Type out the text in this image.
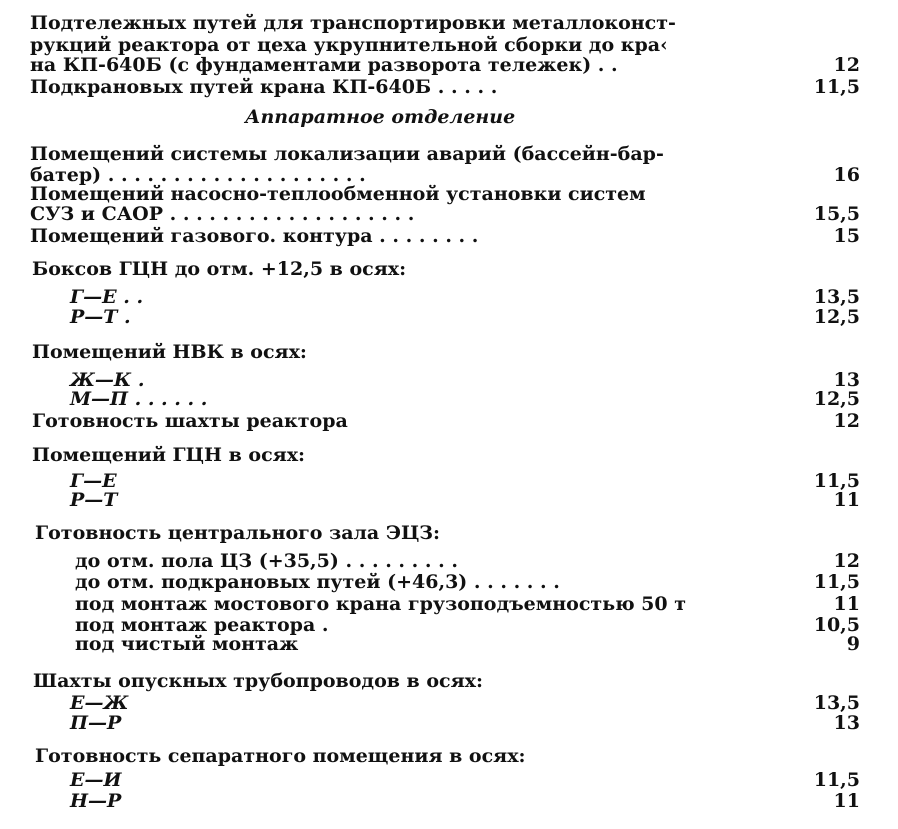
Подтележных путей для транспортировки металлоконст-
рукций реактора от цеха укрупнительной сборки до кра‹
на КП-640Б (с фундаментами разворота тележек) . .	12
Подкрановых путей крана КП-640Б . . . . .	11,5
Аппаратное отделение
Помещений системы локализации аварий (бассейн-бар-
батер) . . . . . . . . . . . . . . . . . . . .	16
Помещений насосно-теплообменной установки систем
СУЗ и САОР . . . . . . . . . . . . . . . . . . .	15,5
Помещений газового. контура . . . . . . . .	15
Боксов ГЦН до отм. +12,5 в осях:
Г—Е . .	13,5
Р—Т .	12,5
Помещений НВК в осях:
Ж—К .	13
М—П . . . . . .	12,5
Готовность шахты реактора	12
Помещений ГЦН в осях:
Г—Е	11,5
Р—Т	11
Готовность центрального зала ЭЦЗ:
до отм. пола ЦЗ (+35,5) . . . . . . . . .	12
до отм. подкрановых путей (+46,3) . . . . . . .	11,5
под монтаж мостового крана грузоподъемностью 50 т	11
под монтаж реактора .	10,5
под чистый монтаж	9
Шахты опускных трубопроводов в осях:
Е—Ж	13,5
П—Р	13
Готовность сепаратного помещения в осях:
Е—И	11,5
Н—Р	11
